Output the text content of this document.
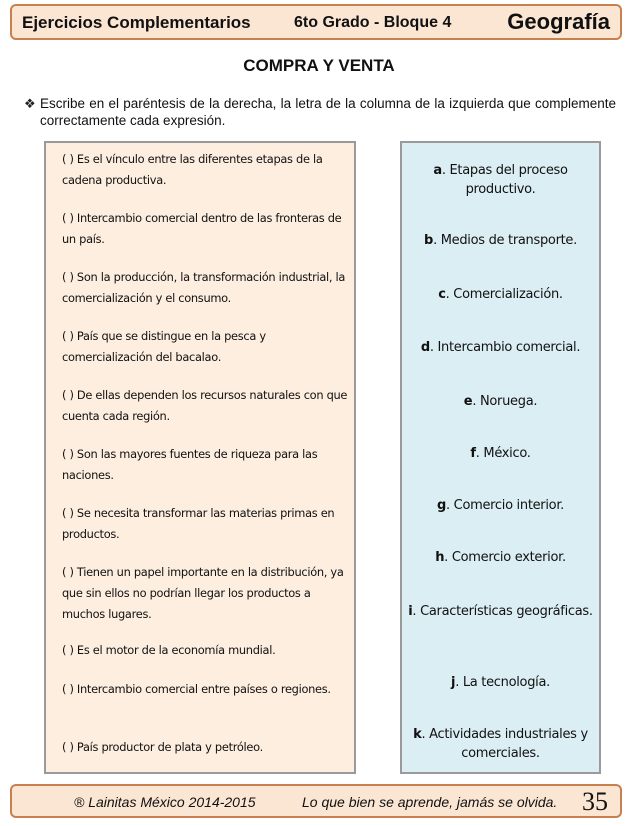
Ejercicios Complementarios	6to Grado - Bloque 4	Geografía
COMPRA Y VENTA
❖ Escribe en el paréntesis de la derecha, la letra de la columna de la izquierda que complemente correctamente cada expresión.
( ) Es el vínculo entre las diferentes etapas de la cadena productiva.
( ) Intercambio comercial dentro de las fronteras de un país.
( ) Son la producción, la transformación industrial, la comercialización y el consumo.
( ) País que se distingue en la pesca y comercialización del bacalao.
( ) De ellas dependen los recursos naturales con que cuenta cada región.
( ) Son las mayores fuentes de riqueza para las naciones.
( ) Se necesita transformar las materias primas en productos.
( ) Tienen un papel importante en la distribución, ya que sin ellos no podrían llegar los productos a muchos lugares.
( ) Es el motor de la economía mundial.
( ) Intercambio comercial entre países o regiones.
( ) País productor de plata y petróleo.
a. Etapas del proceso productivo.
b. Medios de transporte.
c. Comercialización.
d. Intercambio comercial.
e. Noruega.
f. México.
g. Comercio interior.
h. Comercio exterior.
i. Características geográficas.
j. La tecnología.
k. Actividades industriales y comerciales.
® Lainitas México 2014-2015	Lo que bien se aprende, jamás se olvida. 35
